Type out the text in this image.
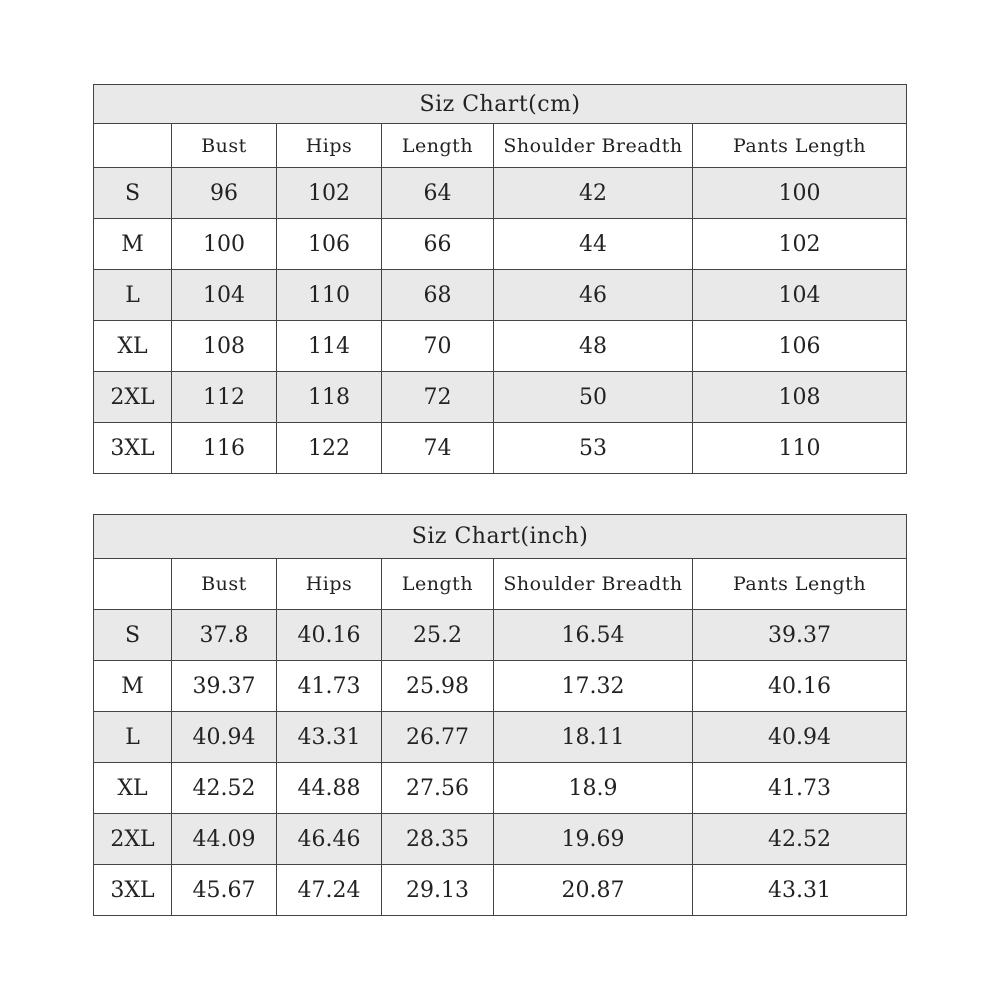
Siz Chart(cm)					
	Bust	Hips	Length	Shoulder Breadth	Pants Length
S	96	102	64	42	100
M	100	106	66	44	102
L	104	110	68	46	104
XL	108	114	70	48	106
2XL	112	118	72	50	108
3XL	116	122	74	53	110
Siz Chart(inch)					
	Bust	Hips	Length	Shoulder Breadth	Pants Length
S	37.8	40.16	25.2	16.54	39.37
M	39.37	41.73	25.98	17.32	40.16
L	40.94	43.31	26.77	18.11	40.94
XL	42.52	44.88	27.56	18.9	41.73
2XL	44.09	46.46	28.35	19.69	42.52
3XL	45.67	47.24	29.13	20.87	43.31
